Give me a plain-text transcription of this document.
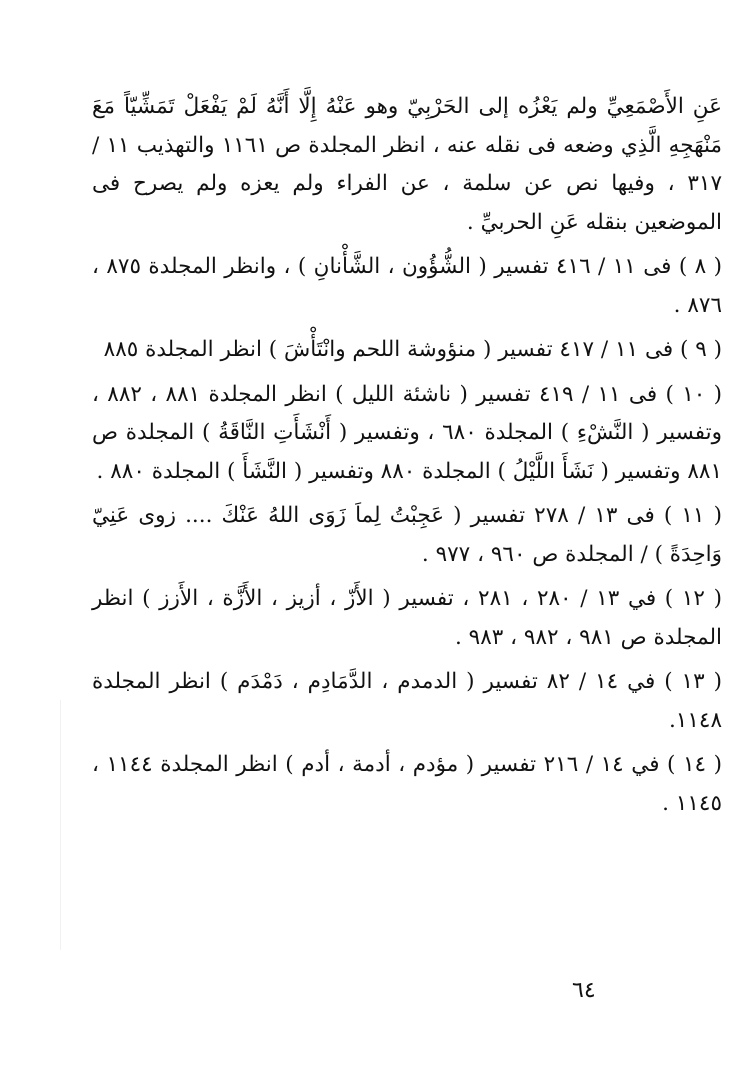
عَنِ الأَصْمَعِيِّ ولم يَعْزُه إلى الحَرْبِيّ وهو عَنْهُ إِلَّا أَنَّهُ لَمْ يَفْعَلْ تَمَشِّيّاً مَعَ مَنْهَجِهِ الَّذِي وضعه فى نقله عنه ، انظر المجلدة ص ١١٦١ والتهذيب ١١ / ٣١٧ ، وفيها نص عن سلمة ، عن الفراء ولم يعزه ولم يصرح فى الموضعين بنقله عَنِ الحربيِّ .

( ٨ ) فى ١١ / ٤١٦ تفسير ( الشُّؤُون ، الشَّأْنانِ ) ، وانظر المجلدة ٨٧٥ ، ٨٧٦ .

( ٩ ) فى ١١ / ٤١٧ تفسير ( منؤوشة اللحم وانْتَأْشَ ) انظر المجلدة ٨٨٥

( ١٠ ) فى ١١ / ٤١٩ تفسير ( ناشئة الليل ) انظر المجلدة ٨٨١ ، ٨٨٢ ، وتفسير ( النَّشْءِ ) المجلدة ٦٨٠ ، وتفسير ( أَنْشَأَتِ النَّاقَةُ ) المجلدة ص ٨٨١ وتفسير ( نَشَأَ اللَّيْلُ ) المجلدة ٨٨٠ وتفسير ( النَّشَأَ ) المجلدة ٨٨٠ .

( ١١ ) فى ١٣ / ٢٧٨ تفسير ( عَجِبْتُ لِماَ زَوَى اللهُ عَنْكَ .... زوى عَنِيّ وَاحِدَةً ) / المجلدة ص ٩٦٠ ، ٩٧٧ .

( ١٢ ) في ١٣ / ٢٨٠ ، ٢٨١ ، تفسير ( الأَزّ ، أزيز ، الأَزَّة ، الأَزز ) انظر المجلدة ص ٩٨١ ، ٩٨٢ ، ٩٨٣ .

( ١٣ ) في ١٤ / ٨٢ تفسير ( الدمدم ، الدَّمَادِم ، دَمْدَم ) انظر المجلدة ١١٤٨.

( ١٤ ) في ١٤ / ٢١٦ تفسير ( مؤدم ، أدمة ، أدم ) انظر المجلدة ١١٤٤ ، ١١٤٥ .

٦٤
